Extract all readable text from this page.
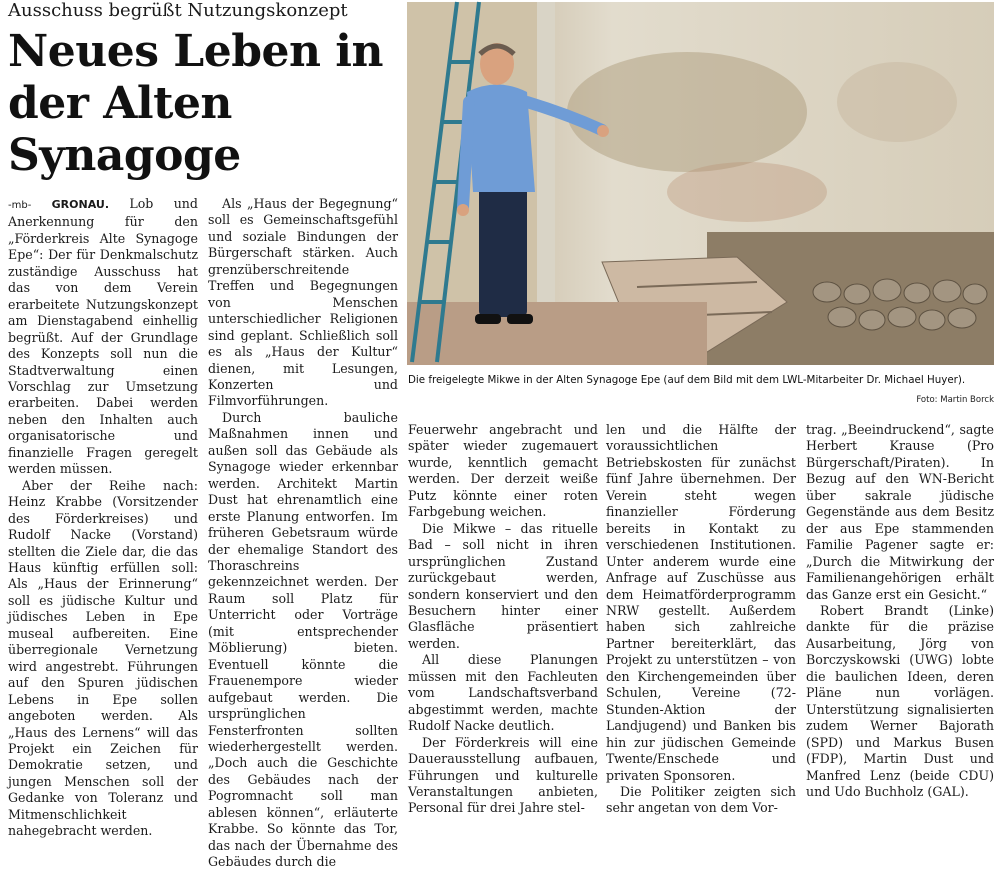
Ausschuss begrüßt Nutzungskonzept
Neues Leben in der Alten Synagoge

-mb- GRONAU. Lob und Anerkennung für den „Förderkreis Alte Synagoge Epe“: Der für Denkmalschutz zuständige Ausschuss hat das von dem Verein erarbeitete Nutzungskonzept am Dienstagabend einhellig begrüßt. Auf der Grundlage des Konzepts soll nun die Stadtverwaltung einen Vorschlag zur Umsetzung erarbeiten. Dabei werden neben den Inhalten auch organisatorische und finanzielle Fragen geregelt werden müssen.

Aber der Reihe nach: Heinz Krabbe (Vorsitzender des Förderkreises) und Rudolf Nacke (Vorstand) stellten die Ziele dar, die das Haus künftig erfüllen soll: Als „Haus der Erinnerung“ soll es jüdische Kultur und jüdisches Leben in Epe museal aufbereiten. Eine überregionale Vernetzung wird angestrebt. Führungen auf den Spuren jüdischen Lebens in Epe sollen angeboten werden. Als „Haus des Lernens“ will das Projekt ein Zeichen für Demokratie setzen, und jungen Menschen soll der Gedanke von Toleranz und Mitmenschlichkeit nahegebracht werden.

Als „Haus der Begegnung“ soll es Gemeinschaftsgefühl und soziale Bindungen der Bürgerschaft stärken. Auch grenzüberschreitende Treffen und Begegnungen von Menschen unterschiedlicher Religionen sind geplant. Schließlich soll es als „Haus der Kultur“ dienen, mit Lesungen, Konzerten und Filmvorführungen.

Durch bauliche Maßnahmen innen und außen soll das Gebäude als Synagoge wieder erkennbar werden. Architekt Martin Dust hat ehrenamtlich eine erste Planung entworfen. Im früheren Gebetsraum würde der ehemalige Standort des Thoraschreins gekennzeichnet werden. Der Raum soll Platz für Unterricht oder Vorträge (mit entsprechender Möblierung) bieten. Eventuell könnte die Frauenempore wieder aufgebaut werden. Die ursprünglichen Fensterfronten sollten wiederhergestellt werden. „Doch auch die Geschichte des Gebäudes nach der Pogromnacht soll man ablesen können“, erläuterte Krabbe. So könnte das Tor, das nach der Übernahme des Gebäudes durch die

Die freigelegte Mikwe in der Alten Synagoge Epe (auf dem Bild mit dem LWL-Mitarbeiter Dr. Michael Huyer).
Foto: Martin Borck

Feuerwehr angebracht und später wieder zugemauert wurde, kenntlich gemacht werden. Der derzeit weiße Putz könnte einer roten Farbgebung weichen.

Die Mikwe – das rituelle Bad – soll nicht in ihren ursprünglichen Zustand zurückgebaut werden, sondern konserviert und den Besuchern hinter einer Glasfläche präsentiert werden.

All diese Planungen müssen mit den Fachleuten vom Landschaftsverband abgestimmt werden, machte Rudolf Nacke deutlich.

Der Förderkreis will eine Dauerausstellung aufbauen, Führungen und kulturelle Veranstaltungen anbieten, Personal für drei Jahre stel-

len und die Hälfte der voraussichtlichen Betriebskosten für zunächst fünf Jahre übernehmen. Der Verein steht wegen finanzieller Förderung bereits in Kontakt zu verschiedenen Institutionen. Unter anderem wurde eine Anfrage auf Zuschüsse aus dem Heimatförderprogramm NRW gestellt. Außerdem haben sich zahlreiche Partner bereiterklärt, das Projekt zu unterstützen – von den Kirchengemeinden über Schulen, Vereine (72-Stunden-Aktion der Landjugend) und Banken bis hin zur jüdischen Gemeinde Twente/Enschede und privaten Sponsoren.

Die Politiker zeigten sich sehr angetan von dem Vor-

trag. „Beeindruckend“, sagte Herbert Krause (Pro Bürgerschaft/Piraten). In Bezug auf den WN-Bericht über sakrale jüdische Gegenstände aus dem Besitz der aus Epe stammenden Familie Pagener sagte er: „Durch die Mitwirkung der Familienangehörigen erhält das Ganze erst ein Gesicht.“

Robert Brandt (Linke) dankte für die präzise Ausarbeitung, Jörg von Borczyskowski (UWG) lobte die baulichen Ideen, deren Pläne nun vorlägen. Unterstützung signalisierten zudem Werner Bajorath (SPD) und Markus Busen (FDP), Martin Dust und Manfred Lenz (beide CDU) und Udo Buchholz (GAL).
